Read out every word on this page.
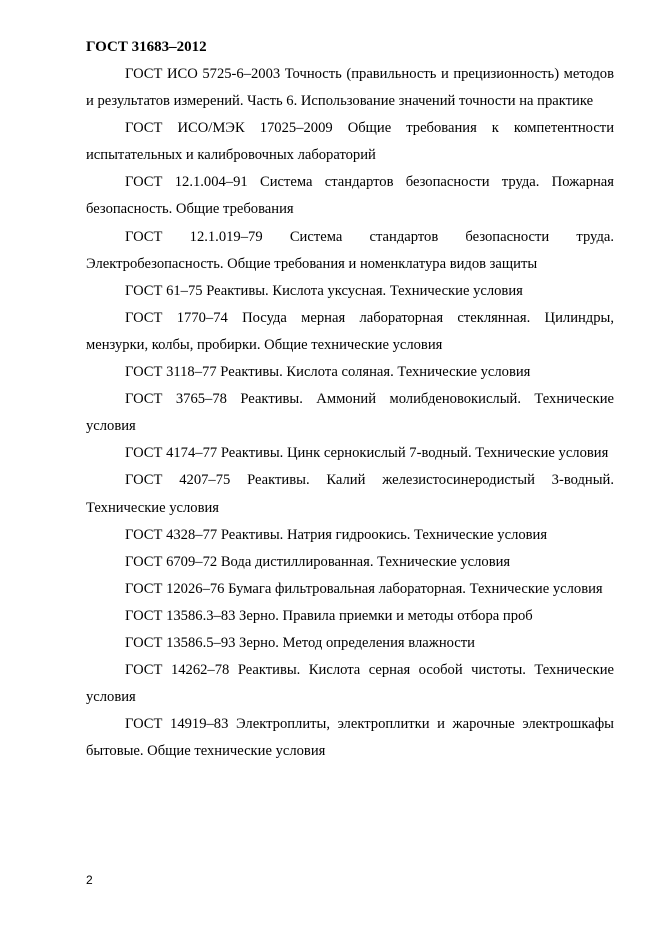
ГОСТ 31683–2012

ГОСТ ИСО 5725-6–2003 Точность (правильность и прецизионность) методов и результатов измерений. Часть 6. Использование значений точности на практике

ГОСТ ИСО/МЭК 17025–2009 Общие требования к компетентности испытательных и калибровочных лабораторий

ГОСТ 12.1.004–91 Система стандартов безопасности труда. Пожарная безопасность. Общие требования

ГОСТ 12.1.019–79 Система стандартов безопасности труда. Электробезопасность. Общие требования и номенклатура видов защиты

ГОСТ 61–75 Реактивы. Кислота уксусная. Технические условия

ГОСТ 1770–74 Посуда мерная лабораторная стеклянная. Цилиндры, мензурки, колбы, пробирки. Общие технические условия

ГОСТ 3118–77 Реактивы. Кислота соляная. Технические условия

ГОСТ 3765–78 Реактивы. Аммоний молибденовокислый. Технические условия

ГОСТ 4174–77 Реактивы. Цинк сернокислый 7-водный. Технические условия

ГОСТ 4207–75 Реактивы. Калий железистосинеродистый 3-водный. Технические условия

ГОСТ 4328–77 Реактивы. Натрия гидроокись. Технические условия

ГОСТ 6709–72 Вода дистиллированная. Технические условия

ГОСТ 12026–76 Бумага фильтровальная лабораторная. Технические условия

ГОСТ 13586.3–83 Зерно. Правила приемки и методы отбора проб

ГОСТ 13586.5–93 Зерно. Метод определения влажности

ГОСТ 14262–78 Реактивы. Кислота серная особой чистоты. Технические условия

ГОСТ 14919–83 Электроплиты, электроплитки и жарочные электрошкафы бытовые. Общие технические условия

2
